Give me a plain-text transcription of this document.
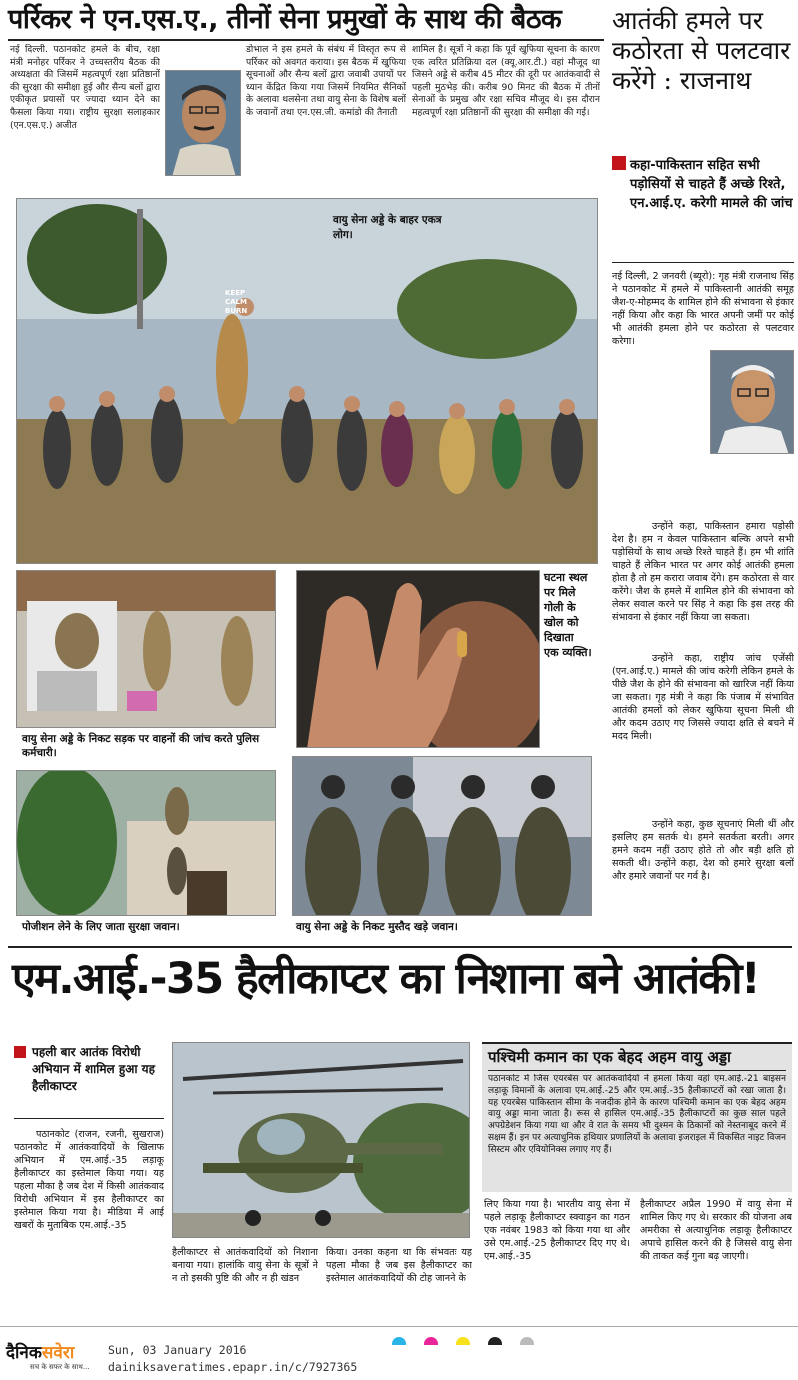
पर्रिकर ने एन.एस.ए., तीनों सेना प्रमुखों के साथ की बैठक
नई दिल्ली. पठानकोट हमले के बीच, रक्षा मंत्री मनोहर पर्रिकर ने उच्चस्तरीय बैठक की अध्यक्षता की जिसमें महत्वपूर्ण रक्षा प्रतिष्ठानों की सुरक्षा की समीक्षा हुई और सैन्य बलों द्वारा एकीकृत प्रयासों पर ज्यादा ध्यान देने का फैसला किया गया। राष्ट्रीय सुरक्षा सलाहकार (एन.एस.ए.) अजीत
डोभाल ने इस हमले के संबंध में विस्तृत रूप से पर्रिकर को अवगत कराया। इस बैठक में खुफिया सूचनाओं और सैन्य बलों द्वारा जवाबी उपायों पर ध्यान केंद्रित किया गया जिसमें नियमित सैनिकों के अलावा थलसेना तथा वायु सेना के विशेष बलों के जवानों तथा एन.एस.जी. कमांडो की तैनाती
शामिल है। सूत्रों ने कहा कि पूर्व खुफिया सूचना के कारण एक त्वरित प्रतिक्रिया दल (क्यू.आर.टी.) वहां मौजूद था जिसने अड्डे से करीब 45 मीटर की दूरी पर आतंकवादी से पहली मुठभेड़ की। करीब 90 मिनट की बैठक में तीनों सेनाओं के प्रमुख और रक्षा सचिव मौजूद थे। इस दौरान महत्वपूर्ण रक्षा प्रतिष्ठानों की सुरक्षा की समीक्षा की गई।
आतंकी हमले पर कठोरता से पलटवार करेंगे : राजनाथ
कहा-पाकिस्तान सहित सभी पड़ोसियों से चाहते हैं अच्छे रिश्ते, एन.आई.ए. करेगी मामले की जांच
नई दिल्ली, 2 जनवरी (ब्यूरो): गृह मंत्री राजनाथ सिंह ने पठानकोट में हमले में पाकिस्तानी आतंकी समूह जैश-ए-मोहम्मद के शामिल होने की संभावना से इंकार नहीं किया और कहा कि भारत अपनी जमीं पर कोई भी आतंकी हमला होने पर कठोरता से पलटवार करेगा।
उन्होंने कहा, पाकिस्तान हमारा पड़ोसी देश है। हम न केवल पाकिस्तान बल्कि अपने सभी पड़ोसियों के साथ अच्छे रिश्ते चाहते हैं। हम भी शांति चाहते हैं लेकिन भारत पर अगर कोई आतंकी हमला होता है तो हम करारा जवाब देंगे। हम कठोरता से वार करेंगे। जैश के हमले में शामिल होने की संभावना को लेकर सवाल करने पर सिंह ने कहा कि इस तरह की संभावना से इंकार नहीं किया जा सकता।
उन्होंने कहा, राष्ट्रीय जांच एजेंसी (एन.आई.ए.) मामले की जांच करेगी लेकिन हमले के पीछे जैश के होने की संभावना को खारिज नहीं किया जा सकता। गृह मंत्री ने कहा कि पंजाब में संभावित आतंकी हमलों को लेकर खुफिया सूचना मिली थी और कदम उठाए गए जिससे ज्यादा क्षति से बचने में मदद मिली।
उन्होंने कहा, कुछ सूचनाएं मिली थीं और इसलिए हम सतर्क थे। हमने सतर्कता बरती। अगर हमने कदम नहीं उठाए होते तो और बड़ी क्षति हो सकती थी। उन्होंने कहा, देश को हमारे सुरक्षा बलों और हमारे जवानों पर गर्व है।
KEEP CALM BURN
वायु सेना अड्डे के बाहर एकत्र लोग।
वायु सेना अड्डे के निकट सड़क पर वाहनों की जांच करते पुलिस कर्मचारी।
घटना स्थल पर मिले गोली के खोल को दिखाता एक व्यक्ति।
पोजीशन लेने के लिए जाता सुरक्षा जवान।	वायु सेना अड्डे के निकट मुस्तैद खड़े जवान।
एम.आई.-35 हैलीकाप्टर का निशाना बने आतंकी!
पहली बार आतंक विरोधी अभियान में शामिल हुआ यह हैलीकाप्टर
पठानकोट (राजन, रजनी, सुखराज) पठानकोट में आतंकवादियों के खिलाफ अभियान में एम.आई.-35 लड़ाकू हैलीकाप्टर का इस्तेमाल किया गया। यह पहला मौका है जब देश में किसी आतंकवाद विरोधी अभियान में इस हैलीकाप्टर का इस्तेमाल किया गया है। मीडिया में आई खबरों के मुताबिक एम.आई.-35
हैलीकाप्टर से आतंकवादियों को निशाना बनाया गया। हालांकि वायु सेना के सूत्रों ने न तो इसकी पुष्टि की और न ही खंडन
किया। उनका कहना था कि संभवतः यह पहला मौका है जब इस हैलीकाप्टर का इस्तेमाल आतंकवादियों की टोह जानने के
पश्चिमी कमान का एक बेहद अहम वायु अड्डा
पठानकोट में जिस एयरबेस पर आतंकवादियों ने हमला किया वहां एम.आई.-21 बाइसन लड़ाकू विमानों के अलावा एम.आई.-25 और एम.आई.-35 हैलीकाप्टरों को रखा जाता है। यह एयरबेस पाकिस्तान सीमा के नजदीक होने के कारण पश्चिमी कमान का एक बेहद अहम वायु अड्डा माना जाता है। रूस से हासिल एम.आई.-35 हैलीकाप्टरों का कुछ साल पहले अपग्रेडेशन किया गया था और वे रात के समय भी दुश्मन के ठिकानों को नेस्तनाबूद करने में सक्षम हैं। इन पर अत्याधुनिक हथियार प्रणालियों के अलावा इजराइल में विकसित नाइट विजन सिस्टम और एवियोनिक्स लगाए गए हैं।
लिए किया गया है। भारतीय वायु सेना में पहले लड़ाकू हैलीकाप्टर स्क्वाड्रन का गठन एक नवंबर 1983 को किया गया था और उसे एम.आई.-25 हैलीकाप्टर दिए गए थे। एम.आई.-35
हैलीकाप्टर अप्रैल 1990 में वायु सेना में शामिल किए गए थे। सरकार की योजना अब अमरीका से अत्याधुनिक लड़ाकू हैलीकाप्टर अपाचे हासिल करने की है जिससे वायु सेना की ताकत कई गुना बढ़ जाएगी।
दैनिकसवेरा
सच के सफर के साथ...
Sun, 03 January 2016
dainiksaveratimes.epapr.in/c/7927365
